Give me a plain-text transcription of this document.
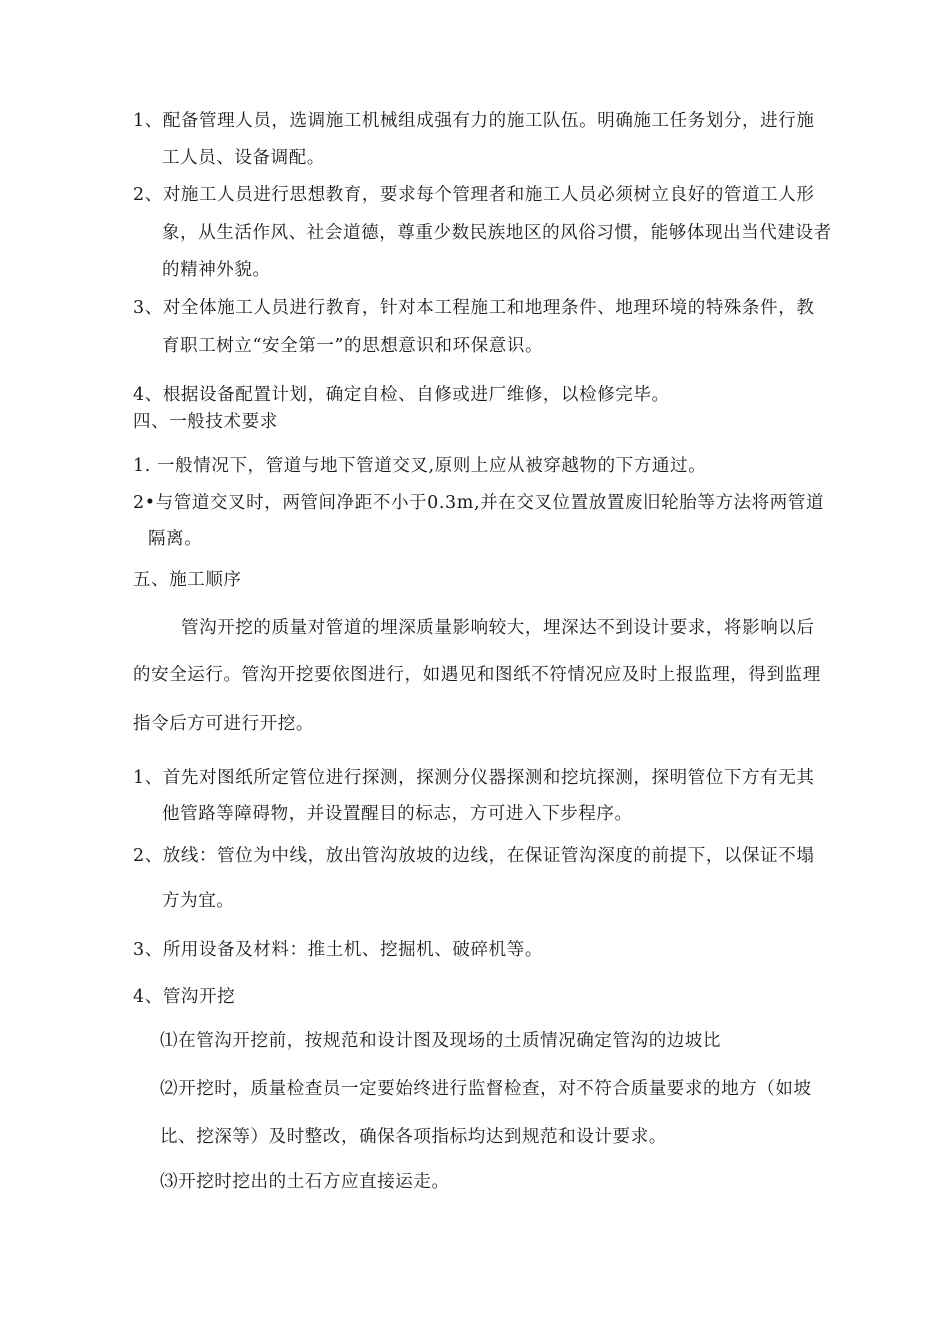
1、配备管理人员，选调施工机械组成强有力的施工队伍。明确施工任务划分，进行施
工人员、设备调配。
2、对施工人员进行思想教育，要求每个管理者和施工人员必须树立良好的管道工人形
象，从生活作风、社会道德，尊重少数民族地区的风俗习惯，能够体现出当代建设者
的精神外貌。
3、对全体施工人员进行教育，针对本工程施工和地理条件、地理环境的特殊条件，教
育职工树立“安全第一”的思想意识和环保意识。
4、根据设备配置计划，确定自检、自修或进厂维修，以检修完毕。
四、一般技术要求
1. 一般情况下，管道与地下管道交叉,原则上应从被穿越物的下方通过。
2•与管道交叉时，两管间净距不小于0.3m,并在交叉位置放置废旧轮胎等方法将两管道
隔离。
五、施工顺序
管沟开挖的质量对管道的埋深质量影响较大，埋深达不到设计要求，将影响以后
的安全运行。管沟开挖要依图进行，如遇见和图纸不符情况应及时上报监理，得到监理
指令后方可进行开挖。
1、首先对图纸所定管位进行探测，探测分仪器探测和挖坑探测，探明管位下方有无其
他管路等障碍物，并设置醒目的标志，方可进入下步程序。
2、放线：管位为中线，放出管沟放坡的边线，在保证管沟深度的前提下，以保证不塌
方为宜。
3、所用设备及材料：推土机、挖掘机、破碎机等。
4、管沟开挖
⑴在管沟开挖前，按规范和设计图及现场的土质情况确定管沟的边坡比
⑵开挖时，质量检查员一定要始终进行监督检查，对不符合质量要求的地方（如坡
比、挖深等）及时整改，确保各项指标均达到规范和设计要求。
⑶开挖时挖出的土石方应直接运走。
